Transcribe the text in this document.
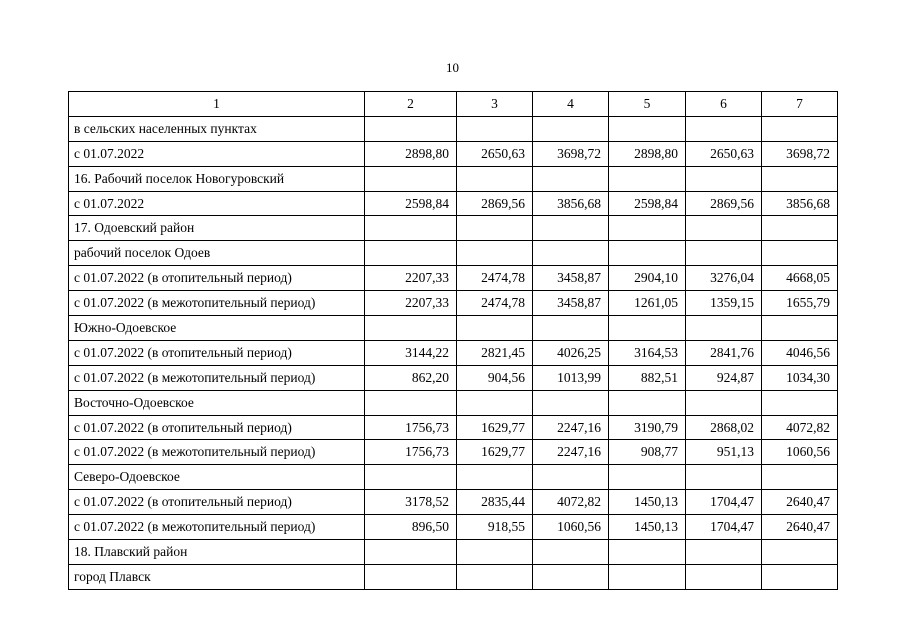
10
1	2	3	4	5	6	7
в сельских населенных пунктах						
с 01.07.2022	2898,80	2650,63	3698,72	2898,80	2650,63	3698,72
16. Рабочий поселок Новогуровский						
с 01.07.2022	2598,84	2869,56	3856,68	2598,84	2869,56	3856,68
17. Одоевский район						
рабочий поселок Одоев						
с 01.07.2022 (в отопительный период)	2207,33	2474,78	3458,87	2904,10	3276,04	4668,05
с 01.07.2022 (в межотопительный период)	2207,33	2474,78	3458,87	1261,05	1359,15	1655,79
Южно-Одоевское						
с 01.07.2022 (в отопительный период)	3144,22	2821,45	4026,25	3164,53	2841,76	4046,56
с 01.07.2022 (в межотопительный период)	862,20	904,56	1013,99	882,51	924,87	1034,30
Восточно-Одоевское						
с 01.07.2022 (в отопительный период)	1756,73	1629,77	2247,16	3190,79	2868,02	4072,82
с 01.07.2022 (в межотопительный период)	1756,73	1629,77	2247,16	908,77	951,13	1060,56
Северо-Одоевское						
с 01.07.2022 (в отопительный период)	3178,52	2835,44	4072,82	1450,13	1704,47	2640,47
с 01.07.2022 (в межотопительный период)	896,50	918,55	1060,56	1450,13	1704,47	2640,47
18. Плавский район						
город Плавск						
